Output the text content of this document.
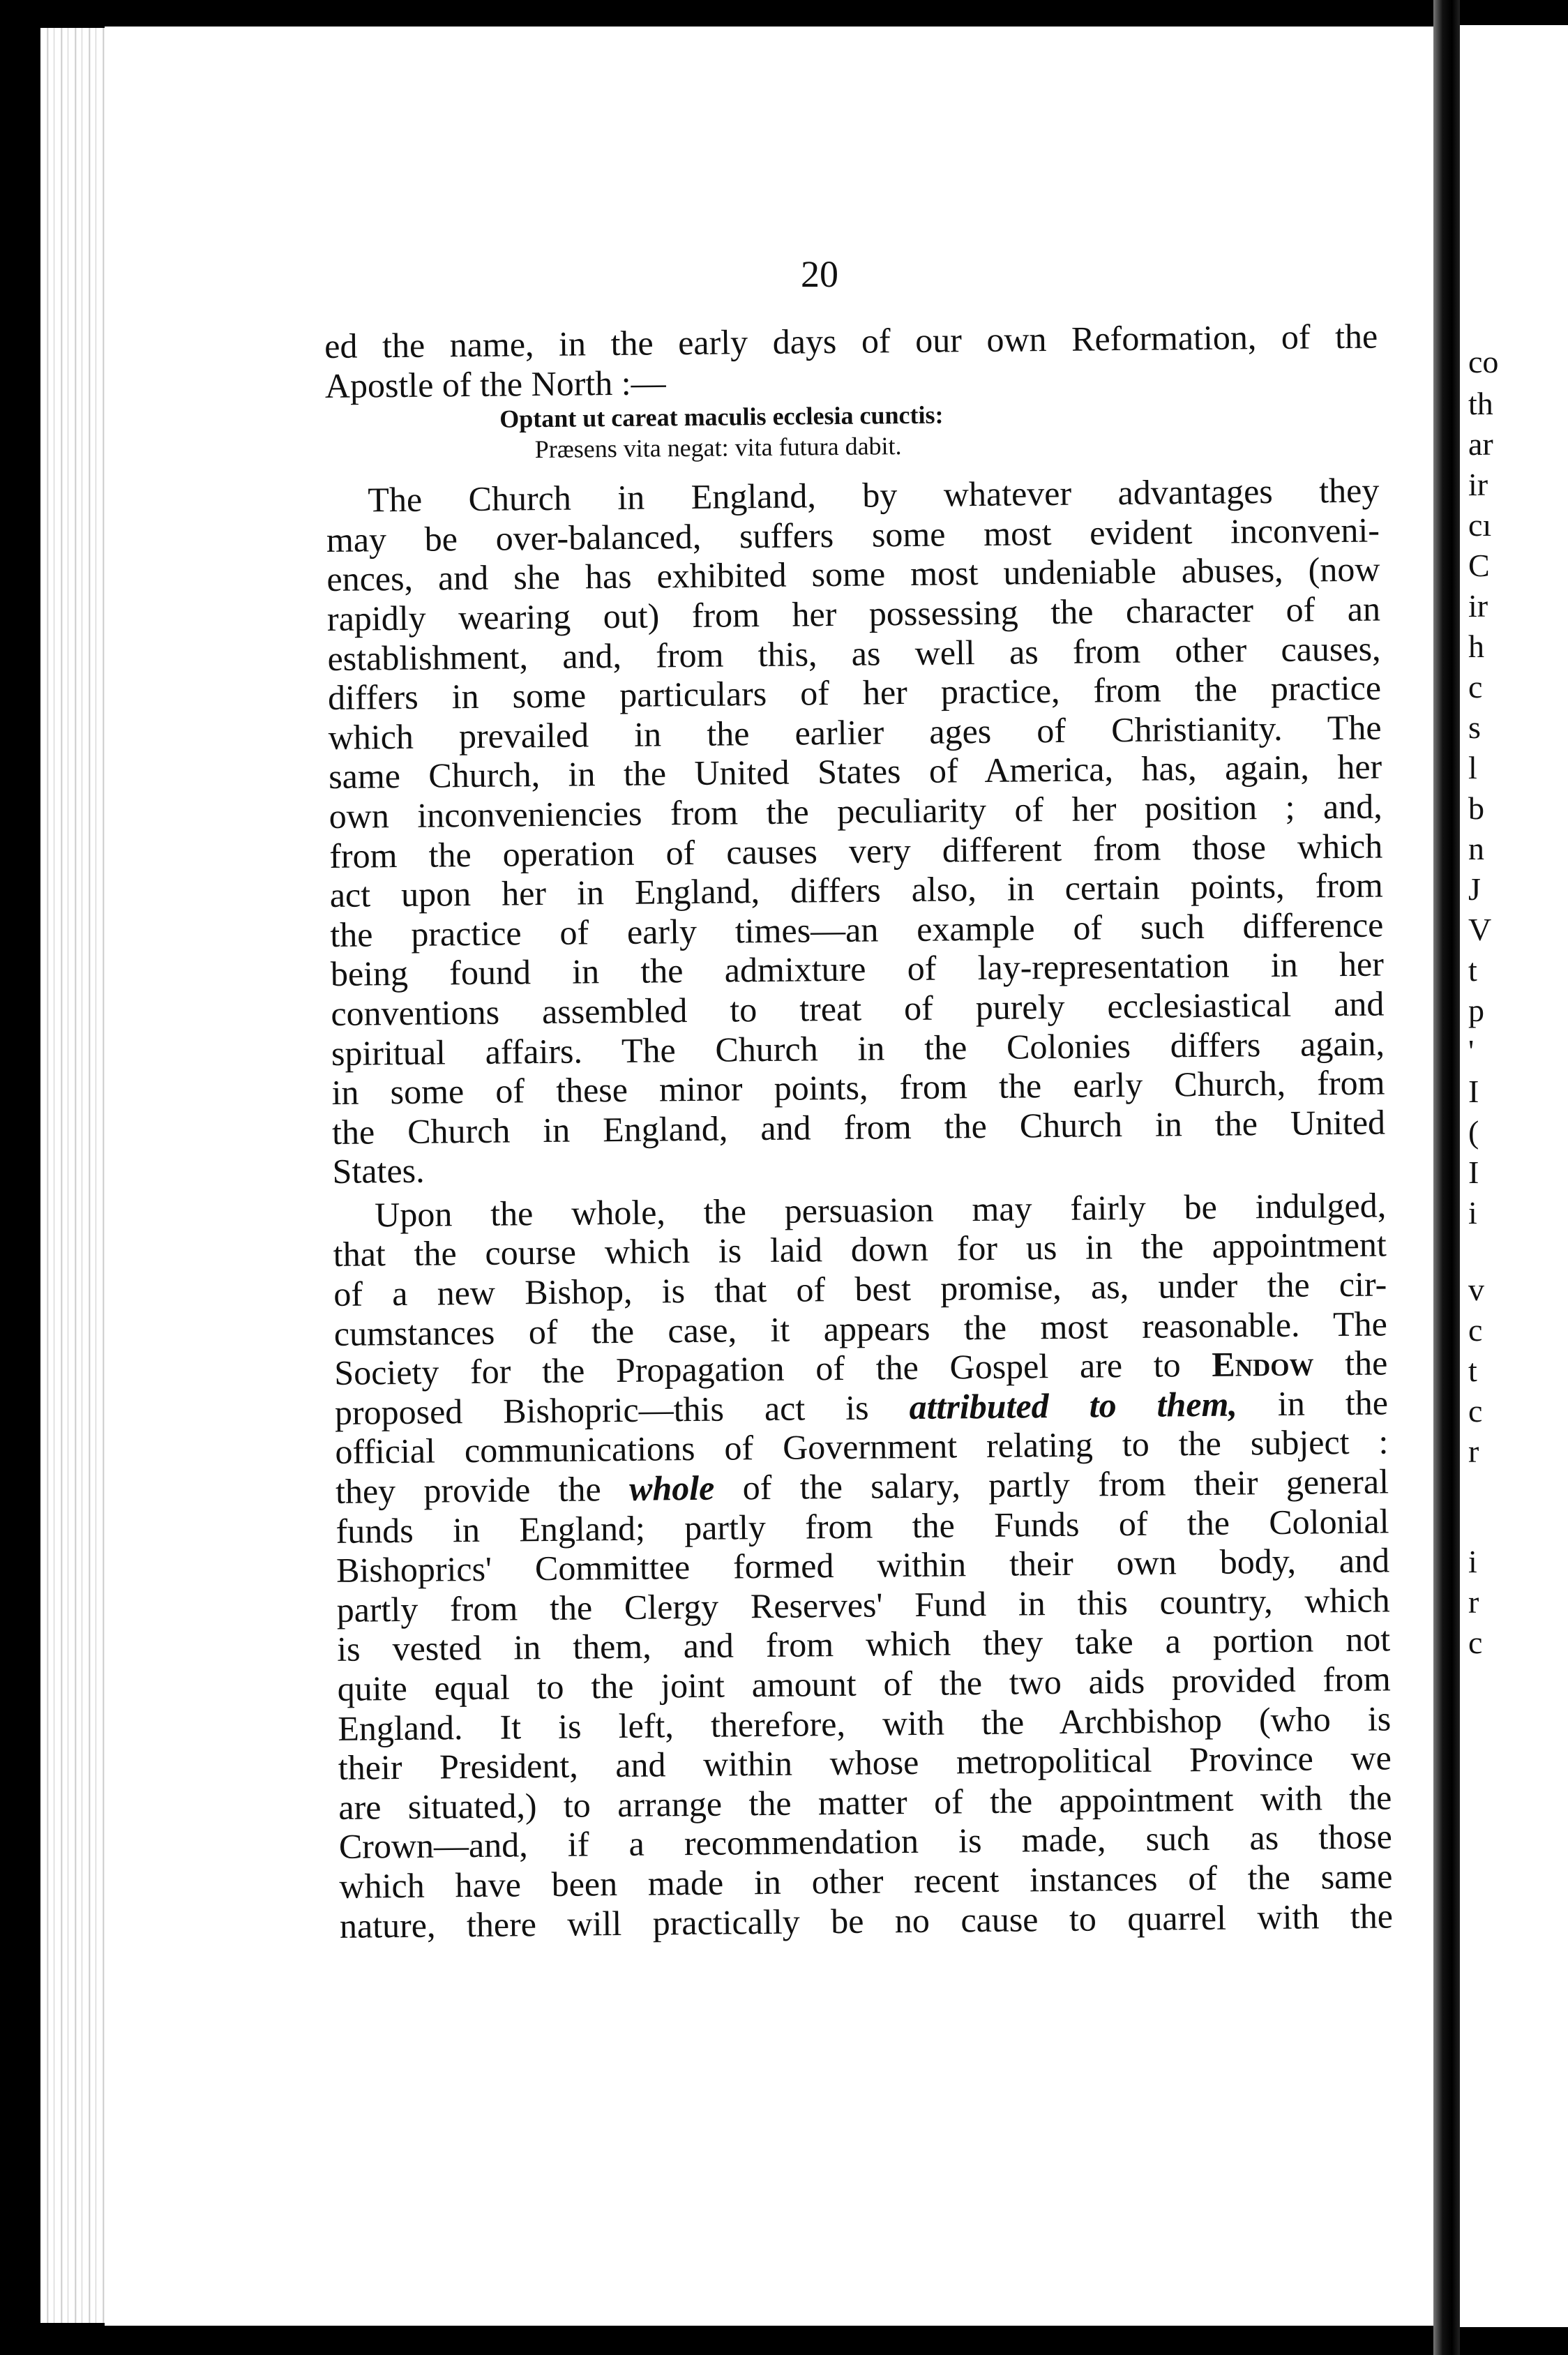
co
th
ar
ir
cı
C
ir
h
c
s
l
b
n
J
V
t
p
'
I
(
I
i
v
c
t
c
r
i
r
c
20
ed the name, in the early days of our own Reformation, of the
Apostle of the North :—
Optant ut careat maculis ecclesia cunctis:
Præsens vita negat: vita futura dabit.
The Church in England, by whatever advantages they
may be over-balanced, suffers some most evident inconveni-
ences, and she has exhibited some most undeniable abuses, (now
rapidly wearing out) from her possessing the character of an
establishment, and, from this, as well as from other causes,
differs in some particulars of her practice, from the practice
which prevailed in the earlier ages of Christianity. The
same Church, in the United States of America, has, again, her
own inconveniencies from the peculiarity of her position ; and,
from the operation of causes very different from those which
act upon her in England, differs also, in certain points, from
the practice of early times—an example of such difference
being found in the admixture of lay-representation in her
conventions assembled to treat of purely ecclesiastical and
spiritual affairs. The Church in the Colonies differs again,
in some of these minor points, from the early Church, from
the Church in England, and from the Church in the United
States.
Upon the whole, the persuasion may fairly be indulged,
that the course which is laid down for us in the appointment
of a new Bishop, is that of best promise, as, under the cir-
cumstances of the case, it appears the most reasonable. The
Society for the Propagation of the Gospel are to Endow the
proposed Bishopric—this act is attributed to them, in the
official communications of Government relating to the subject :
they provide the whole of the salary, partly from their general
funds in England; partly from the Funds of the Colonial
Bishoprics' Committee formed within their own body, and
partly from the Clergy Reserves' Fund in this country, which
is vested in them, and from which they take a portion not
quite equal to the joint amount of the two aids provided from
England. It is left, therefore, with the Archbishop (who is
their President, and within whose metropolitical Province we
are situated,) to arrange the matter of the appointment with the
Crown—and, if a recommendation is made, such as those
which have been made in other recent instances of the same
nature, there will practically be no cause to quarrel with the
